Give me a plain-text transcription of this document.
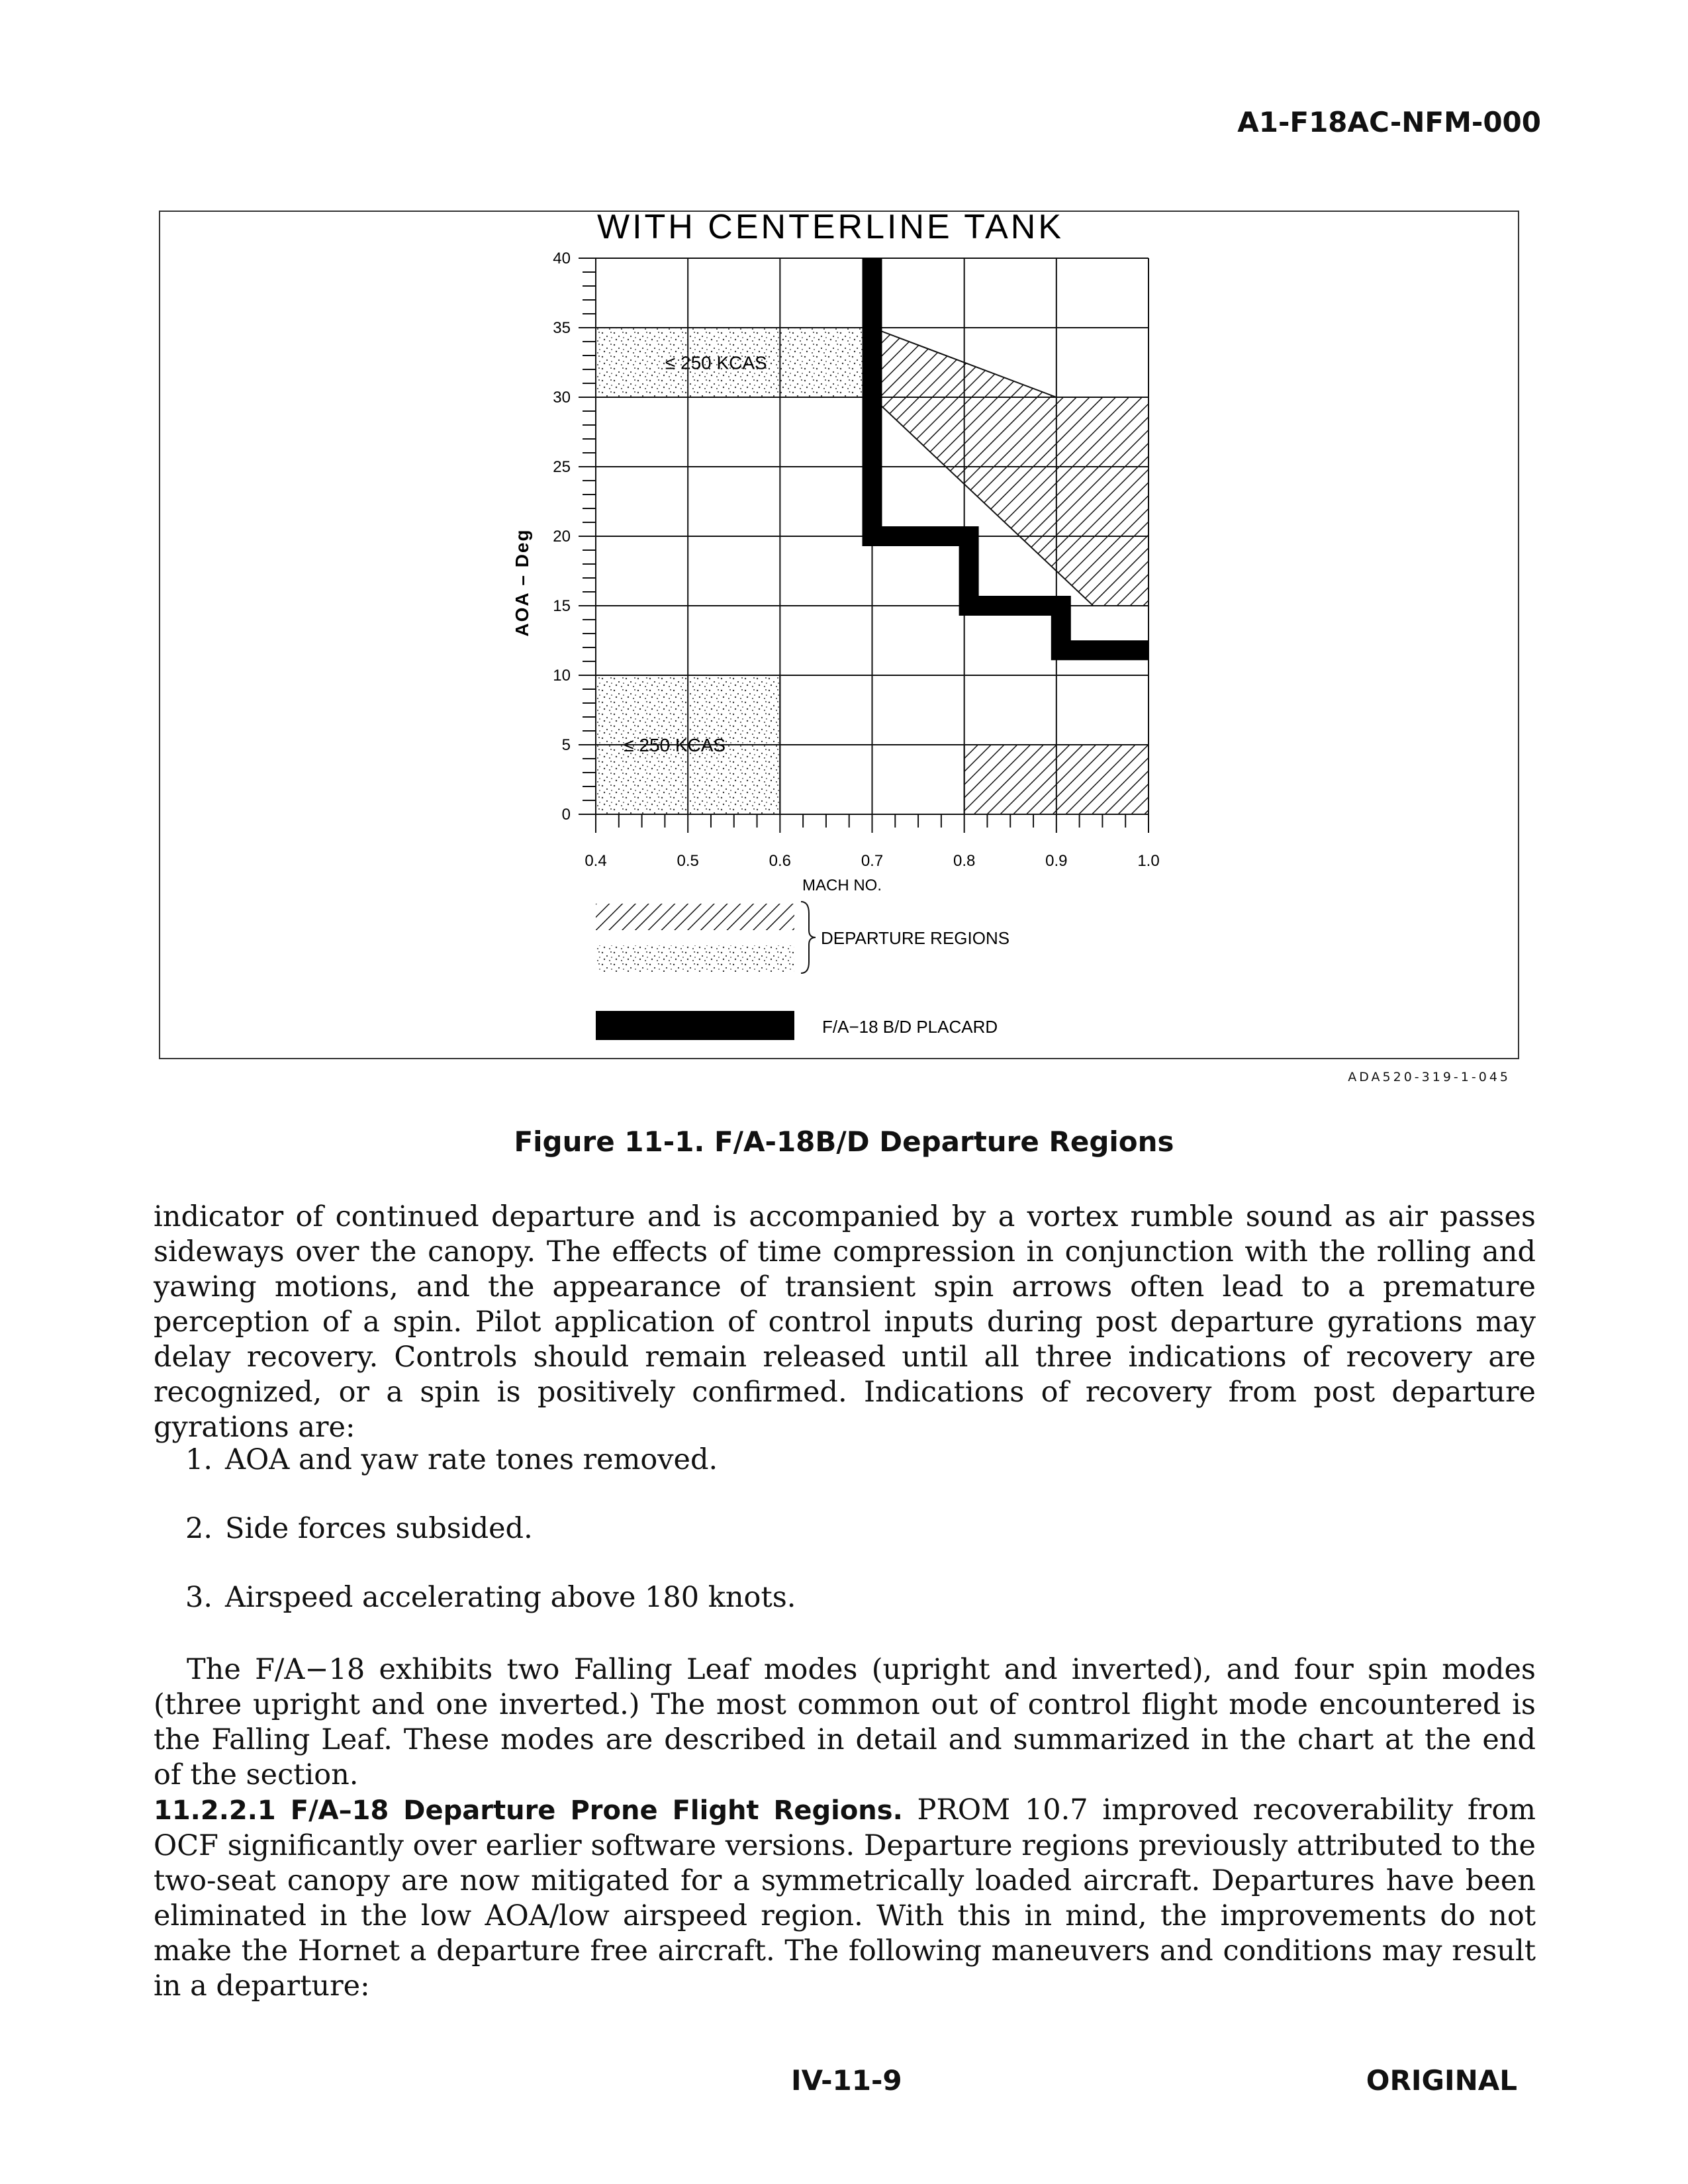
A1-F18AC-NFM-000
≤ 250 KCAS
≤ 250 KCAS
0
5
10
15
20
25
30
35
40
0.4	0.5	0.6	0.7	0.8	0.9	1.0
WITH CENTERLINE TANK
MACH NO.
AOA – Deg
DEPARTURE REGIONS
F/A−18 B/D PLACARD
ADA520-319-1-045
Figure 11-1. F/A-18B/D Departure Regions
indicator of continued departure and is accompanied by a vortex rumble sound as air passes sideways over the canopy. The effects of time compression in conjunction with the rolling and yawing motions, and the appearance of transient spin arrows often lead to a premature perception of a spin. Pilot application of control inputs during post departure gyrations may delay recovery. Controls should remain released until all three indications of recovery are recognized, or a spin is positively confirmed. Indications of recovery from post departure gyrations are:
1. AOA and yaw rate tones removed.
2. Side forces subsided.
3. Airspeed accelerating above 180 knots.
The F/A−18 exhibits two Falling Leaf modes (upright and inverted), and four spin modes (three upright and one inverted.) The most common out of control flight mode encountered is the Falling Leaf. These modes are described in detail and summarized in the chart at the end of the section.
11.2.2.1 F/A–18 Departure Prone Flight Regions. PROM 10.7 improved recoverability from OCF significantly over earlier software versions. Departure regions previously attributed to the two-seat canopy are now mitigated for a symmetrically loaded aircraft. Departures have been eliminated in the low AOA/low airspeed region. With this in mind, the improvements do not make the Hornet a departure free aircraft. The following maneuvers and conditions may result in a departure:
IV-11-9	ORIGINAL
